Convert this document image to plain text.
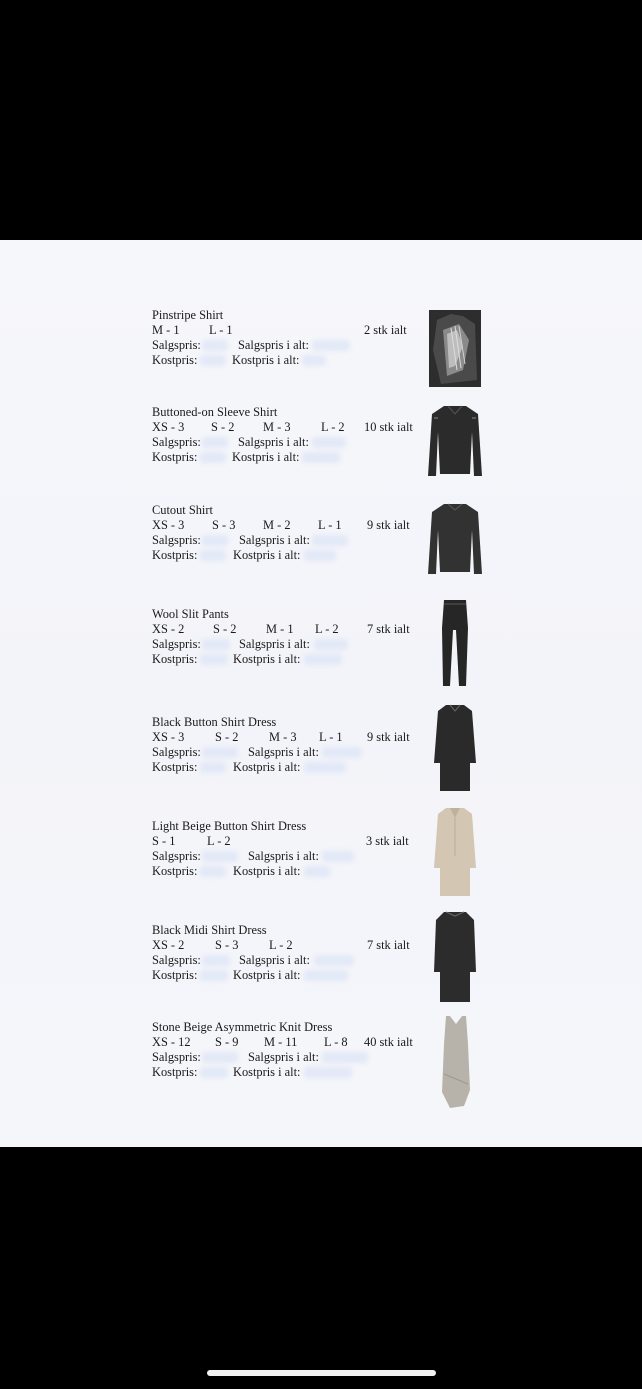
Pinstripe Shirt
M - 1 L - 1	2 stk ialt
Salgspris:	Salgspris i alt:
Kostpris:	Kostpris i alt:
Buttoned-on Sleeve Shirt
XS - 3 S - 2 M - 3 L - 2 10 stk ialt
Salgspris:	Salgspris i alt:
Kostpris:	Kostpris i alt:
Cutout Shirt
XS - 3 S - 3 M - 2 L - 1 9 stk ialt
Salgspris:	Salgspris i alt:
Kostpris:	Kostpris i alt:
Wool Slit Pants
XS - 2 S - 2 M - 1 L - 2 7 stk ialt
Salgspris:	Salgspris i alt:
Kostpris:	Kostpris i alt:
Black Button Shirt Dress
XS - 3 S - 2 M - 3 L - 1 9 stk ialt
Salgspris:	Salgspris i alt:
Kostpris:	Kostpris i alt:
Light Beige Button Shirt Dress
S - 1	L - 2	3 stk ialt
Salgspris:	Salgspris i alt:
Kostpris:	Kostpris i alt:
Black Midi Shirt Dress
XS - 2 S - 3 L - 2	7 stk ialt
Salgspris:	Salgspris i alt:
Kostpris:	Kostpris i alt:
Stone Beige Asymmetric Knit Dress
XS - 12 S - 9 M - 11 L - 8 40 stk ialt
Salgspris:	Salgspris i alt:
Kostpris:	Kostpris i alt:
